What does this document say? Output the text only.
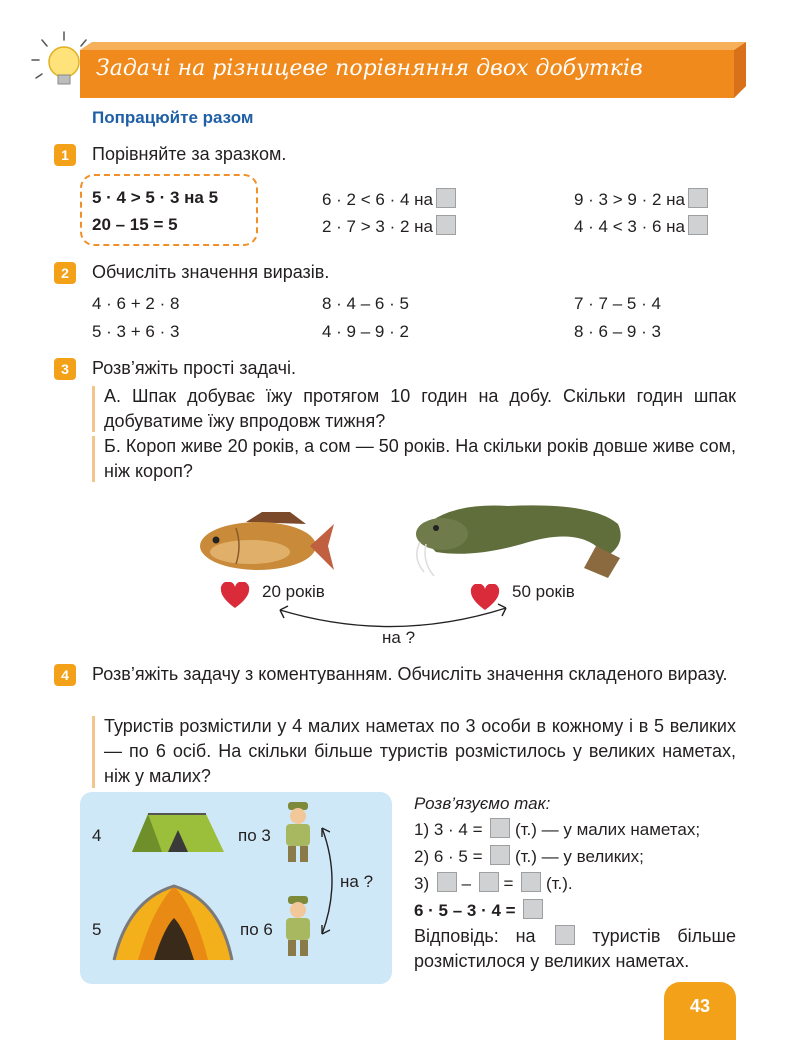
Задачі на різницеве порівняння двох добутків
Попрацюйте разом
1	Порівняйте за зразком.
5 · 4 > 5 · 3 на 5
20 – 15 = 5
6 · 2 < 6 · 4 на	9 · 3 > 9 · 2 на
2 · 7 > 3 · 2 на	4 · 4 < 3 · 6 на
2	Обчисліть значення виразів.
4 · 6 + 2 · 8	8 · 4 – 6 · 5	7 · 7 – 5 · 4
5 · 3 + 6 · 3	4 · 9 – 9 · 2	8 · 6 – 9 · 3
3	Розв’яжіть прості задачі.
А. Шпак добуває їжу протягом 10 годин на добу. Скільки годин шпак добуватиме їжу впродовж тижня?
Б. Короп живе 20 років, а сом — 50 років. На скільки років довше живе сом, ніж короп?
20 років	50 років
на ?
4	Розв’яжіть задачу з коментуванням. Обчисліть значення складеного виразу.
Туристів розмістили у 4 малих наметах по 3 особи в кожному і в 5 великих — по 6 осіб. На скільки більше туристів розмістилось у великих наметах, ніж у малих?
4	по 3
5	по 6
на ?
Розв’язуємо так:
1) 3 · 4 = (т.) — у малих наметах;
2) 6 · 5 = (т.) — у великих;
3) – = (т.).
6 · 5 – 3 · 4 =
Відповідь: на	туристів більше розмістилося у великих наметах.
43
